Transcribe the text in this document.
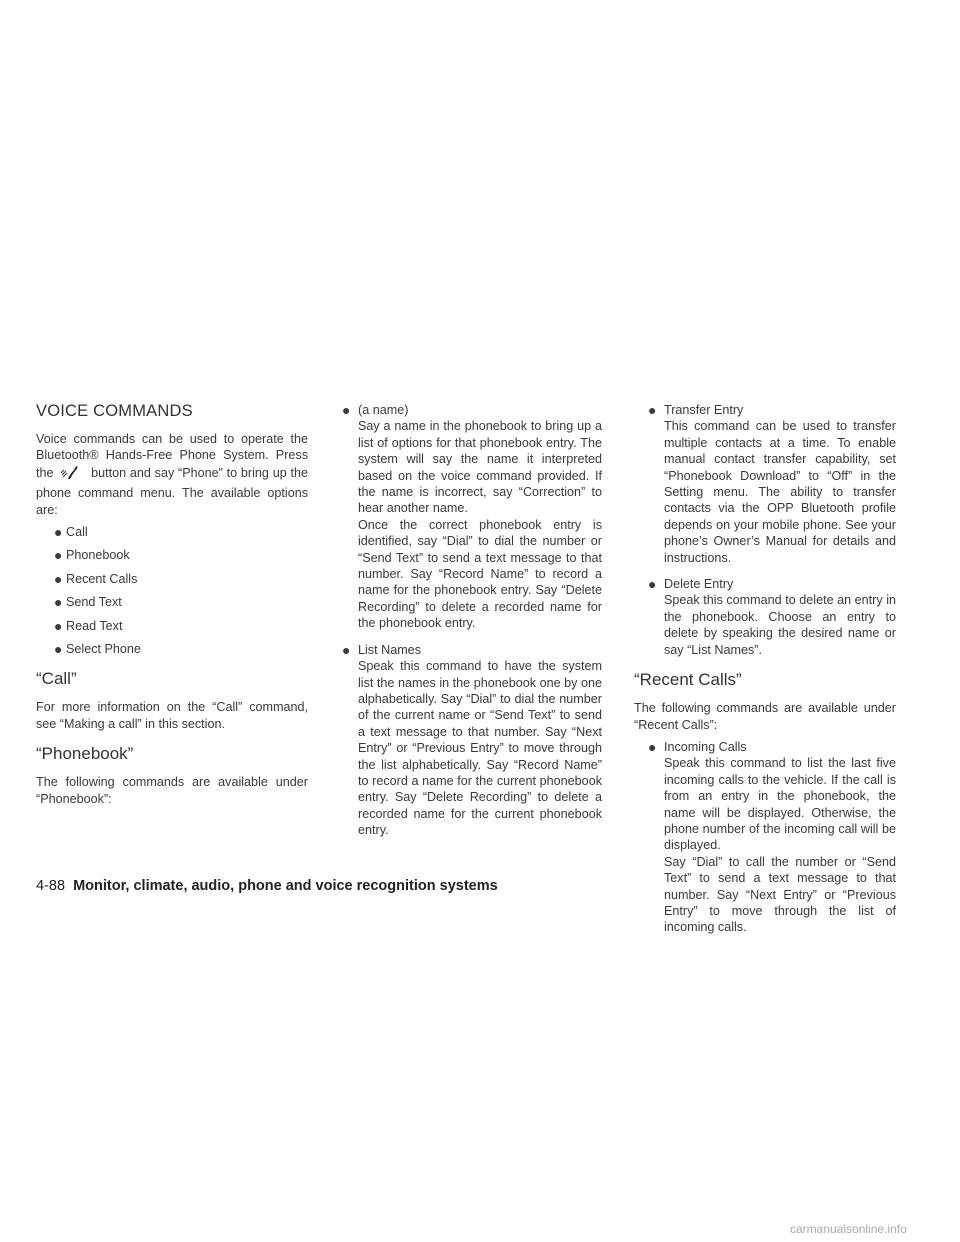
VOICE COMMANDS

Voice commands can be used to operate the Bluetooth® Hands-Free Phone System. Press the	button and say “Phone” to bring up the phone command menu. The available options are:

● Call
● Phonebook
● Recent Calls
● Send Text
● Read Text
● Select Phone
“Call”

For more information on the “Call” command, see “Making a call” in this section.

“Phonebook”

The following commands are available under “Phonebook”:

● (a name)

Say a name in the phonebook to bring up a list of options for that phonebook entry. The system will say the name it interpreted based on the voice command provided. If the name is incorrect, say “Correction” to hear another name.

Once the correct phonebook entry is identified, say “Dial” to dial the number or “Send Text” to send a text message to that number. Say “Record Name” to record a name for the phonebook entry. Say “Delete Recording” to delete a recorded name for the phonebook entry.

● List Names

Speak this command to have the system list the names in the phonebook one by one alphabetically. Say “Dial” to dial the number of the current name or “Send Text” to send a text message to that number. Say “Next Entry” or “Previous Entry” to move through the list alphabetically. Say “Record Name” to record a name for the current phonebook entry. Say “Delete Recording” to delete a recorded name for the current phonebook entry.

● Transfer Entry

This command can be used to transfer multiple contacts at a time. To enable manual contact transfer capability, set “Phonebook Download” to “Off” in the Setting menu. The ability to transfer contacts via the OPP Bluetooth profile depends on your mobile phone. See your phone’s Owner’s Manual for details and instructions.

● Delete Entry

Speak this command to delete an entry in the phonebook. Choose an entry to delete by speaking the desired name or say “List Names”.

“Recent Calls”

The following commands are available under “Recent Calls”:

● Incoming Calls

Speak this command to list the last five incoming calls to the vehicle. If the call is from an entry in the phonebook, the name will be displayed. Otherwise, the phone number of the incoming call will be displayed.

Say “Dial” to call the number or “Send Text” to send a text message to that number. Say “Next Entry” or “Previous Entry” to move through the list of incoming calls.

4-88 Monitor, climate, audio, phone and voice recognition systems
carmanualsonline.info
